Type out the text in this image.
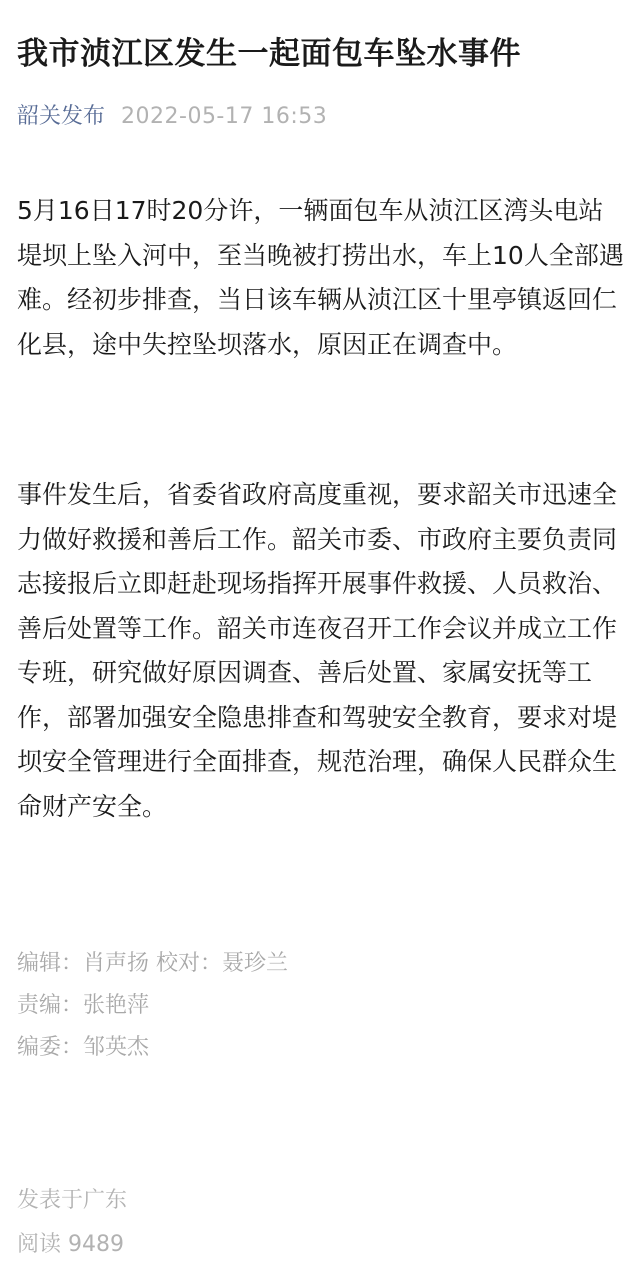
我市浈江区发生一起面包车坠水事件
韶关发布 2022-05-17 16:53

5月16日17时20分许，一辆面包车从浈江区湾头电站堤坝上坠入河中，至当晚被打捞出水，车上10人全部遇难。经初步排查，当日该车辆从浈江区十里亭镇返回仁化县，途中失控坠坝落水，原因正在调查中。

事件发生后，省委省政府高度重视，要求韶关市迅速全力做好救援和善后工作。韶关市委、市政府主要负责同志接报后立即赶赴现场指挥开展事件救援、人员救治、善后处置等工作。韶关市连夜召开工作会议并成立工作专班，研究做好原因调查、善后处置、家属安抚等工作，部署加强安全隐患排查和驾驶安全教育，要求对堤坝安全管理进行全面排查，规范治理，确保人民群众生命财产安全。

编辑：肖声扬 校对：聂珍兰
责编：张艳萍
编委：邹英杰
发表于广东
阅读 9489
